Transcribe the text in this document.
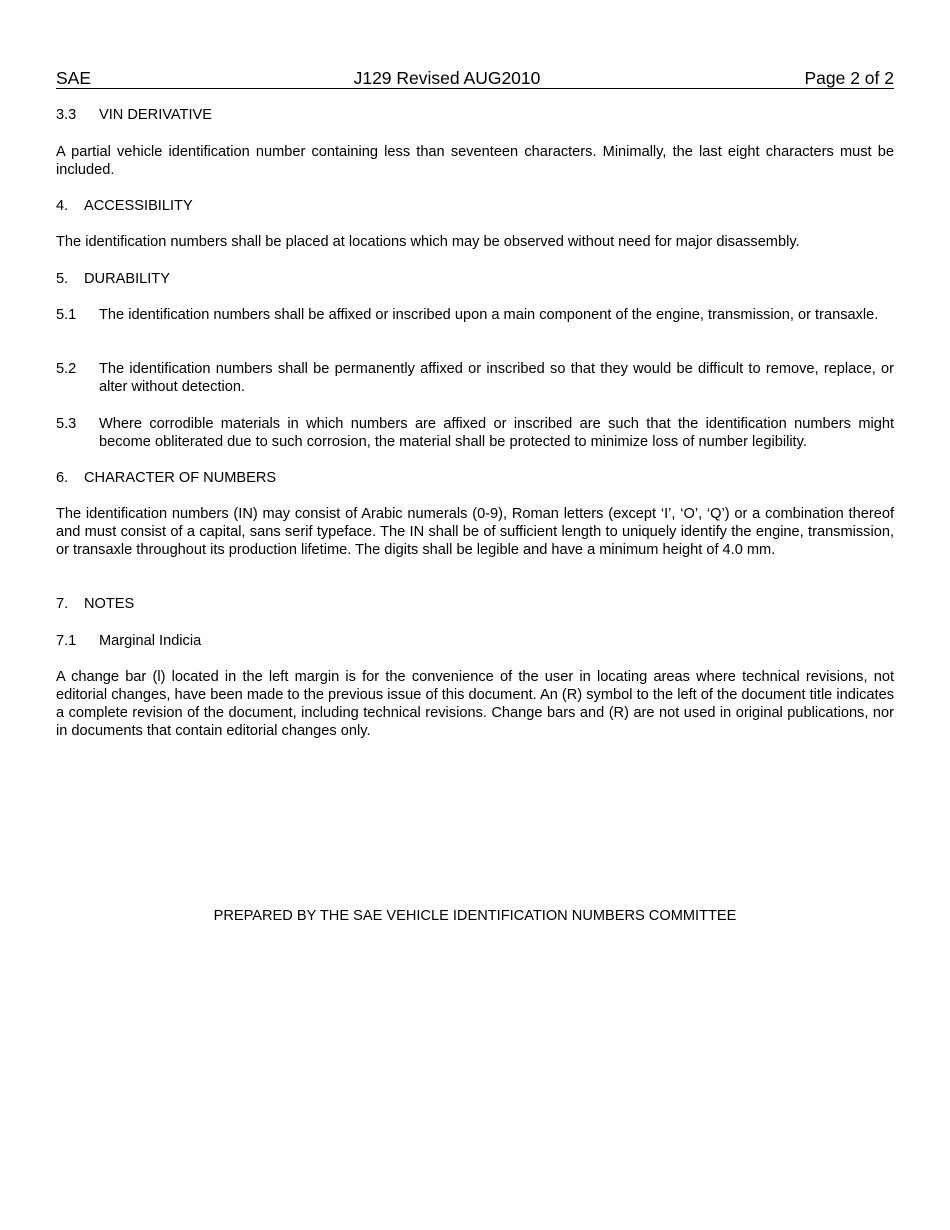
SAE	J129 Revised AUG2010	Page 2 of 2
3.3 VIN DERIVATIVE
A partial vehicle identification number containing less than seventeen characters. Minimally, the last eight characters must be included.
4. ACCESSIBILITY
The identification numbers shall be placed at locations which may be observed without need for major disassembly.
5. DURABILITY
5.1 The identification numbers shall be affixed or inscribed upon a main component of the engine, transmission, or transaxle.
5.2 The identification numbers shall be permanently affixed or inscribed so that they would be difficult to remove, replace, or alter without detection.
5.3 Where corrodible materials in which numbers are affixed or inscribed are such that the identification numbers might become obliterated due to such corrosion, the material shall be protected to minimize loss of number legibility.
6. CHARACTER OF NUMBERS
The identification numbers (IN) may consist of Arabic numerals (0-9), Roman letters (except ‘I’, ‘O’, ‘Q’) or a combination thereof and must consist of a capital, sans serif typeface. The IN shall be of sufficient length to uniquely identify the engine, transmission, or transaxle throughout its production lifetime. The digits shall be legible and have a minimum height of 4.0 mm.
7. NOTES
7.1 Marginal Indicia
A change bar (l) located in the left margin is for the convenience of the user in locating areas where technical revisions, not editorial changes, have been made to the previous issue of this document. An (R) symbol to the left of the document title indicates a complete revision of the document, including technical revisions. Change bars and (R) are not used in original publications, nor in documents that contain editorial changes only.
PREPARED BY THE SAE VEHICLE IDENTIFICATION NUMBERS COMMITTEE
